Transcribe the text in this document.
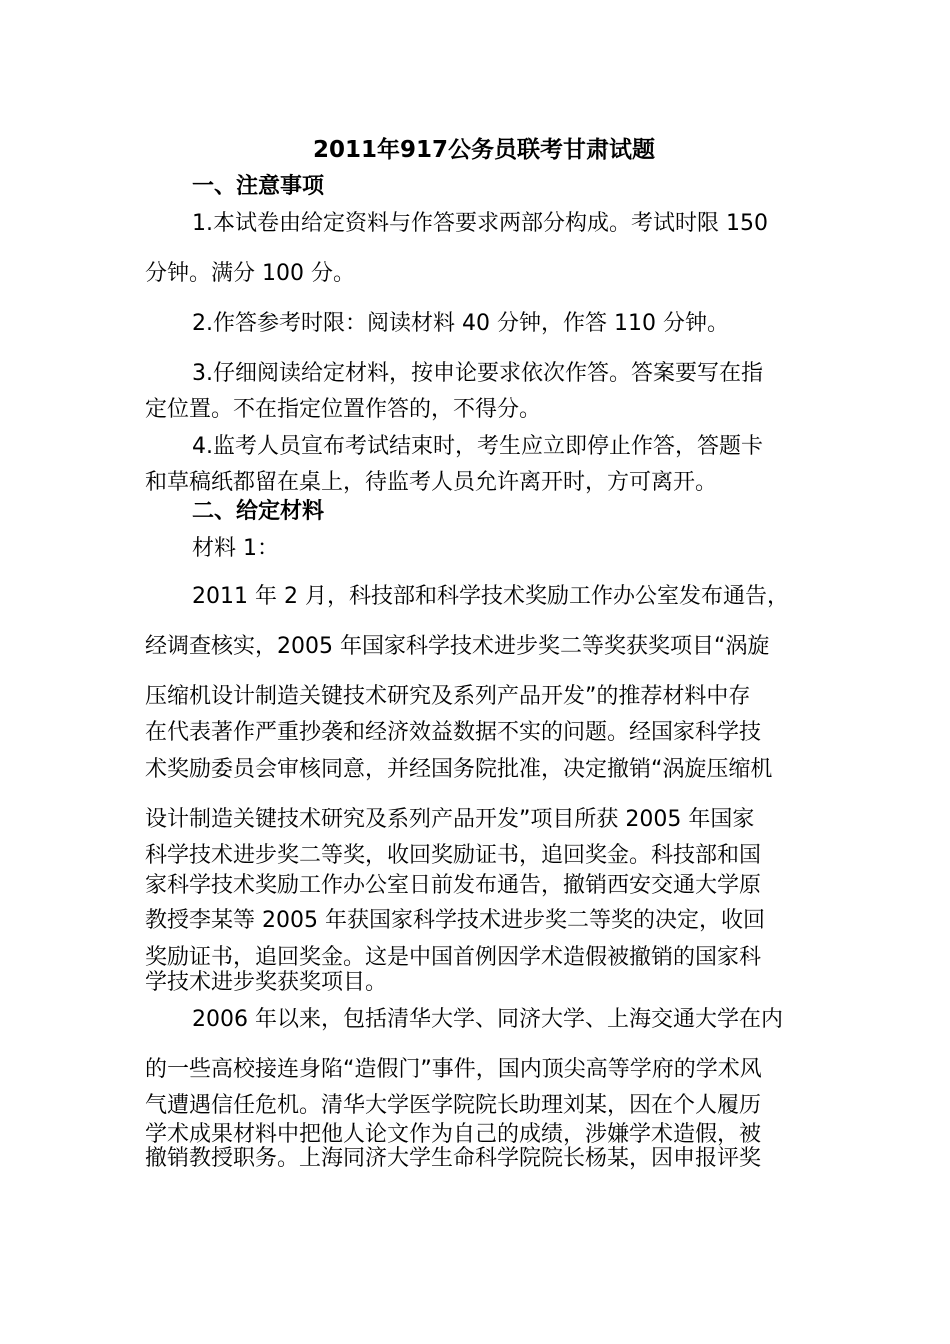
2011年917公务员联考甘肃试题
一、注意事项
1.本试卷由给定资料与作答要求两部分构成。考试时限 150
分钟。满分 100 分。
2.作答参考时限：阅读材料 40 分钟，作答 110 分钟。
3.仔细阅读给定材料，按申论要求依次作答。答案要写在指
定位置。不在指定位置作答的，不得分。
4.监考人员宣布考试结束时，考生应立即停止作答，答题卡
和草稿纸都留在桌上，待监考人员允许离开时，方可离开。
二、给定材料
材料 1：
2011 年 2 月，科技部和科学技术奖励工作办公室发布通告，
经调查核实，2005 年国家科学技术进步奖二等奖获奖项目“涡旋
压缩机设计制造关键技术研究及系列产品开发”的推荐材料中存
在代表著作严重抄袭和经济效益数据不实的问题。经国家科学技
术奖励委员会审核同意，并经国务院批准，决定撤销“涡旋压缩机
设计制造关键技术研究及系列产品开发”项目所获 2005 年国家
科学技术进步奖二等奖，收回奖励证书，追回奖金。科技部和国
家科学技术奖励工作办公室日前发布通告，撤销西安交通大学原
教授李某等 2005 年获国家科学技术进步奖二等奖的决定，收回
奖励证书，追回奖金。这是中国首例因学术造假被撤销的国家科
学技术进步奖获奖项目。
2006 年以来，包括清华大学、同济大学、上海交通大学在内
的一些高校接连身陷“造假门”事件，国内顶尖高等学府的学术风
气遭遇信任危机。清华大学医学院院长助理刘某，因在个人履历
学术成果材料中把他人论文作为自己的成绩，涉嫌学术造假，被
撤销教授职务。上海同济大学生命科学院院长杨某，因申报评奖
